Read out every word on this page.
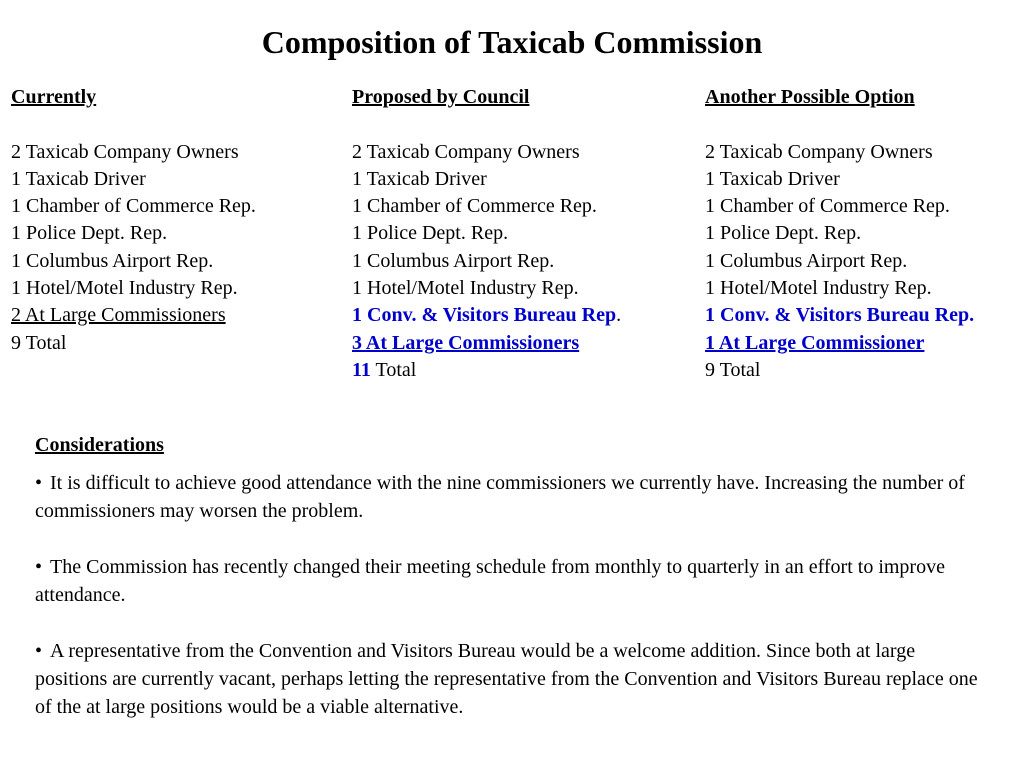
Composition of Taxicab Commission
Currently
2 Taxicab Company Owners
1 Taxicab Driver
1 Chamber of Commerce Rep.
1 Police Dept. Rep.
1 Columbus Airport Rep.
1 Hotel/Motel Industry Rep.
2 At Large Commissioners
9 Total
Proposed by Council
2 Taxicab Company Owners
1 Taxicab Driver
1 Chamber of Commerce Rep.
1 Police Dept. Rep.
1 Columbus Airport Rep.
1 Hotel/Motel Industry Rep.
1 Conv. & Visitors Bureau Rep.
3 At Large Commissioners
11 Total
Another Possible Option
2 Taxicab Company Owners
1 Taxicab Driver
1 Chamber of Commerce Rep.
1 Police Dept. Rep.
1 Columbus Airport Rep.
1 Hotel/Motel Industry Rep.
1 Conv. & Visitors Bureau Rep.
1 At Large Commissioner
9 Total
Considerations
• It is difficult to achieve good attendance with the nine commissioners we currently have. Increasing the number of commissioners may worsen the problem.
• The Commission has recently changed their meeting schedule from monthly to quarterly in an effort to improve attendance.
• A representative from the Convention and Visitors Bureau would be a welcome addition. Since both at large positions are currently vacant, perhaps letting the representative from the Convention and Visitors Bureau replace one of the at large positions would be a viable alternative.
